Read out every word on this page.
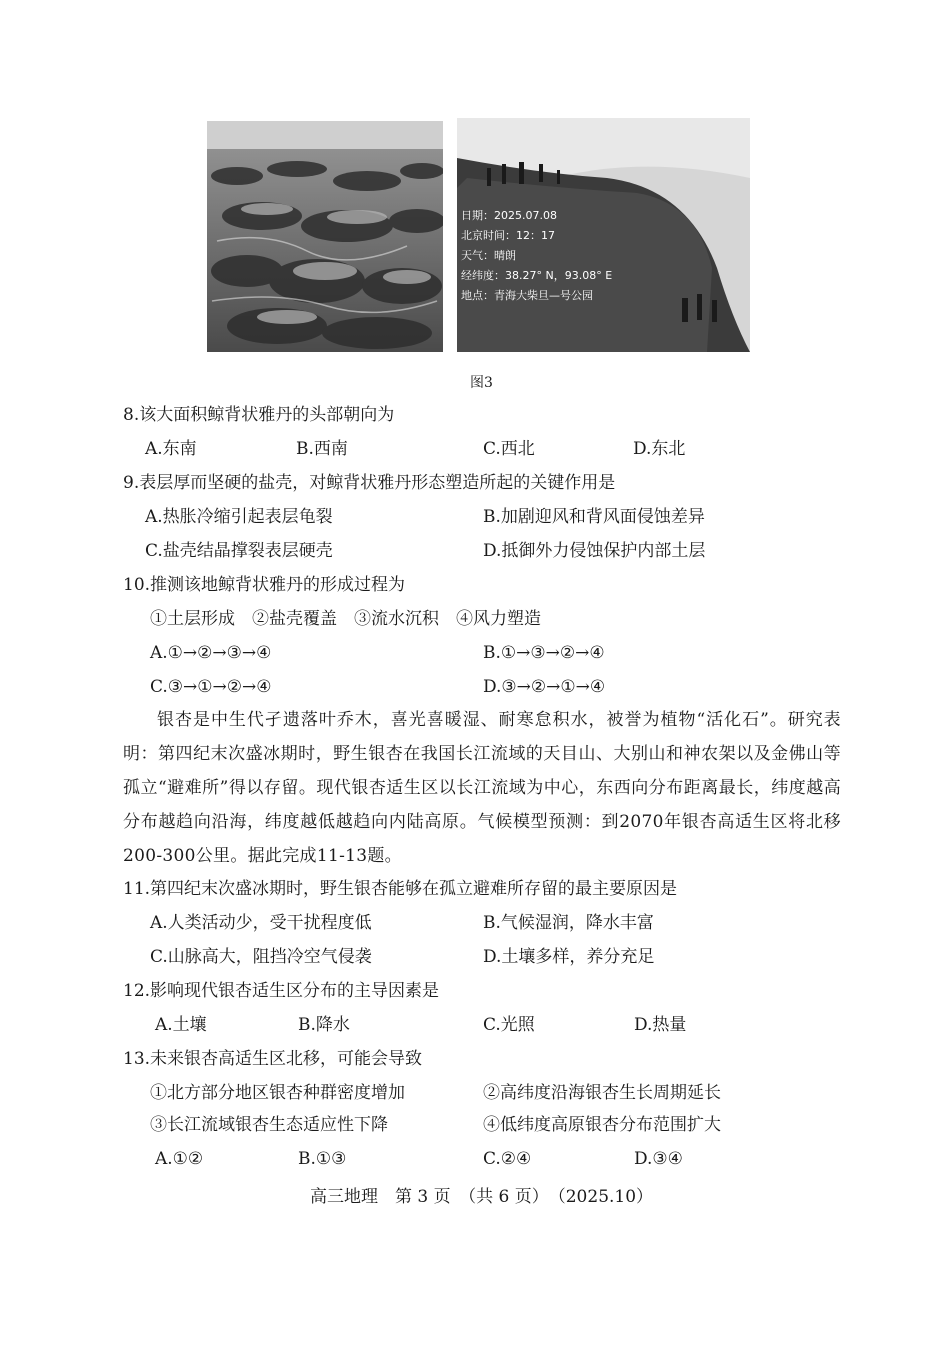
日期：2025.07.08
北京时间：12：17
天气：晴朗
经纬度：38.27° N，93.08° E
地点：青海大柴旦—号公园
图3
8.该大面积鲸背状雅丹的头部朝向为
A.东南	B.西南	C.西北	D.东北
9.表层厚而坚硬的盐壳，对鲸背状雅丹形态塑造所起的关键作用是
A.热胀冷缩引起表层龟裂	B.加剧迎风和背风面侵蚀差异
C.盐壳结晶撑裂表层硬壳	D.抵御外力侵蚀保护内部土层
10.推测该地鲸背状雅丹的形成过程为
①土层形成　②盐壳覆盖　③流水沉积　④风力塑造
A.①→②→③→④	B.①→③→②→④
C.③→①→②→④	D.③→②→①→④
银杏是中生代孑遗落叶乔木，喜光喜暖湿、耐寒怠积水，被誉为植物“活化石”。研究表明：第四纪末次盛冰期时，野生银杏在我国长江流域的天目山、大别山和神农架以及金佛山等孤立“避难所”得以存留。现代银杏适生区以长江流域为中心，东西向分布距离最长，纬度越高分布越趋向沿海，纬度越低越趋向内陆高原。气候模型预测：到2070年银杏高适生区将北移200-300公里。据此完成11-13题。
11.第四纪末次盛冰期时，野生银杏能够在孤立避难所存留的最主要原因是
A.人类活动少，受干扰程度低	B.气候湿润，降水丰富
C.山脉高大，阻挡冷空气侵袭	D.土壤多样，养分充足
12.影响现代银杏适生区分布的主导因素是
A.土壤	B.降水	C.光照	D.热量
13.未来银杏高适生区北移，可能会导致
①北方部分地区银杏种群密度增加	②高纬度沿海银杏生长周期延长
③长江流域银杏生态适应性下降	④低纬度高原银杏分布范围扩大
A.①②	B.①③	C.②④	D.③④
高三地理　第 3 页　（共 6 页）　（2025.10）
